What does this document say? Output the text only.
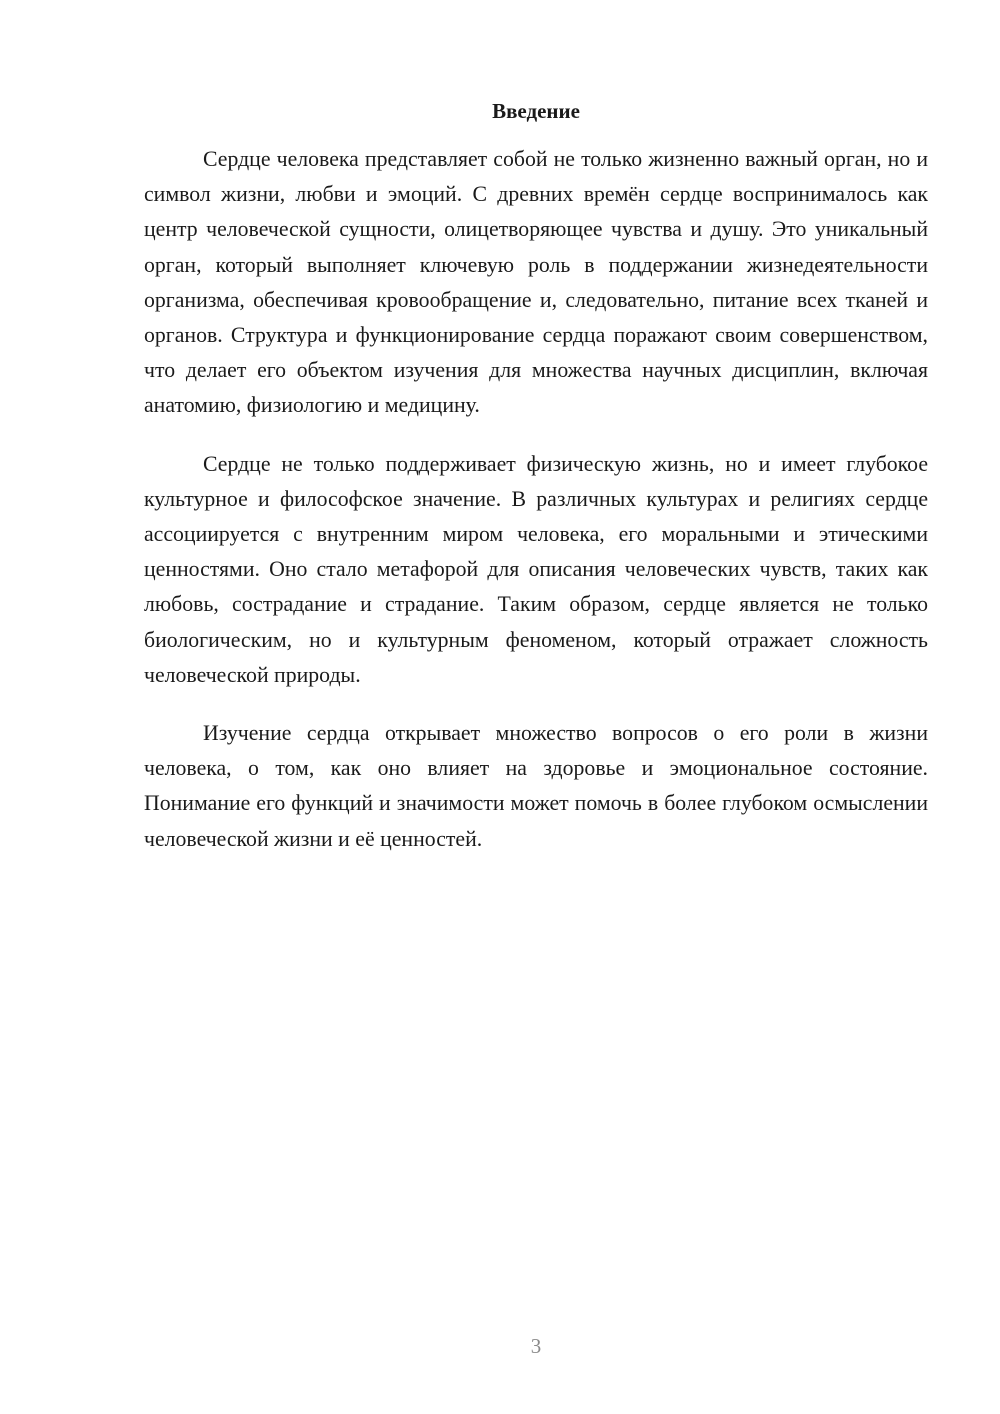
Введение

Сердце человека представляет собой не только жизненно важный орган, но и символ жизни, любви и эмоций. С древних времён сердце воспринималось как центр человеческой сущности, олицетворяющее чувства и душу. Это уникальный орган, который выполняет ключевую роль в поддержании жизнедеятельности организма, обеспечивая кровообращение и, следовательно, питание всех тканей и органов. Структура и функционирование сердца поражают своим совершенством, что делает его объектом изучения для множества научных дисциплин, включая анатомию, физиологию и медицину.

Сердце не только поддерживает физическую жизнь, но и имеет глубокое культурное и философское значение. В различных культурах и религиях сердце ассоциируется с внутренним миром человека, его моральными и этическими ценностями. Оно стало метафорой для описания человеческих чувств, таких как любовь, сострадание и страдание. Таким образом, сердце является не только биологическим, но и культурным феноменом, который отражает сложность человеческой природы.

Изучение сердца открывает множество вопросов о его роли в жизни человека, о том, как оно влияет на здоровье и эмоциональное состояние. Понимание его функций и значимости может помочь в более глубоком осмыслении человеческой жизни и её ценностей.

3
